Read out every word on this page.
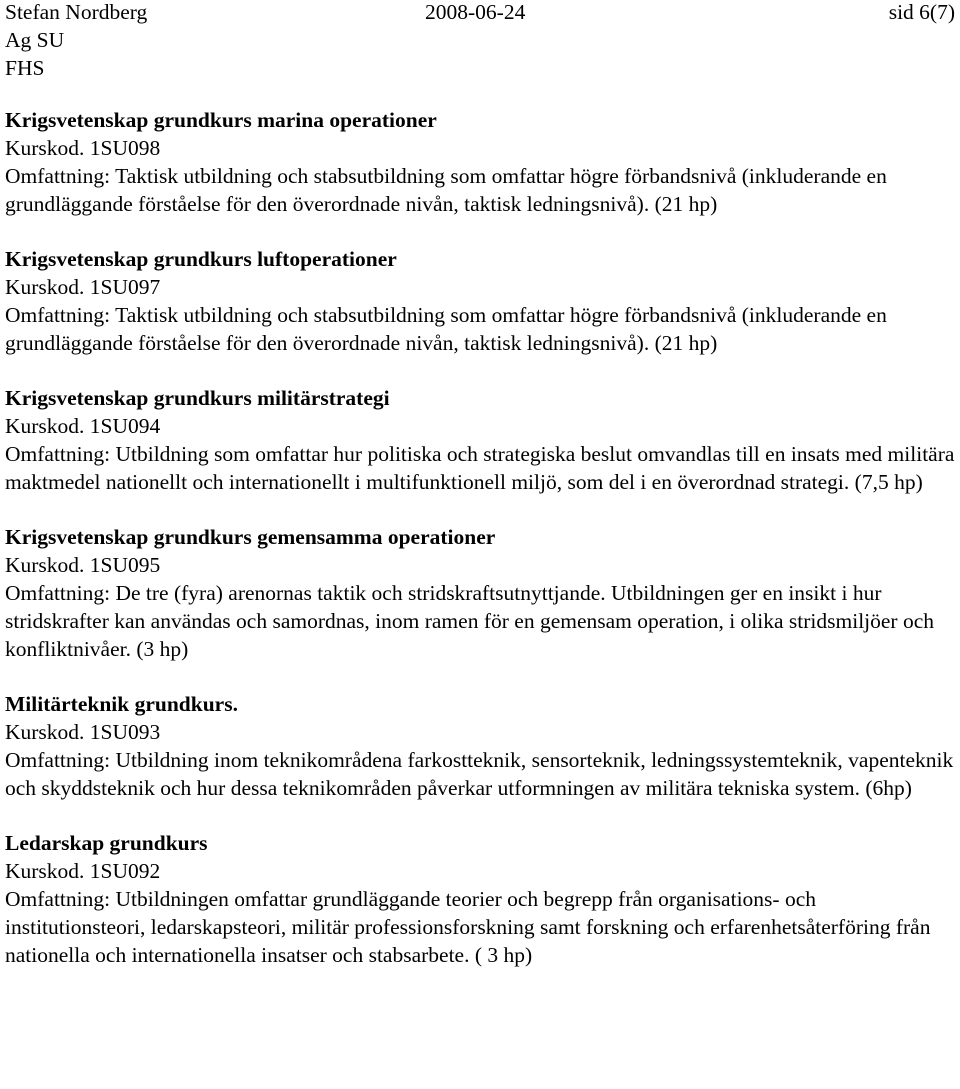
Stefan Nordberg	2008-06-24	sid 6(7)
Ag SU
FHS
Krigsvetenskap grundkurs marina operationer
Kurskod. 1SU098
Omfattning: Taktisk utbildning och stabsutbildning som omfattar högre förbandsnivå (inkluderande en grundläggande förståelse för den överordnade nivån, taktisk ledningsnivå). (21 hp)
Krigsvetenskap grundkurs luftoperationer
Kurskod. 1SU097
Omfattning: Taktisk utbildning och stabsutbildning som omfattar högre förbandsnivå (inkluderande en grundläggande förståelse för den överordnade nivån, taktisk ledningsnivå). (21 hp)
Krigsvetenskap grundkurs militärstrategi
Kurskod. 1SU094
Omfattning: Utbildning som omfattar hur politiska och strategiska beslut omvandlas till en insats med militära maktmedel nationellt och internationellt i multifunktionell miljö, som del i en överordnad strategi. (7,5 hp)
Krigsvetenskap grundkurs gemensamma operationer
Kurskod. 1SU095
Omfattning: De tre (fyra) arenornas taktik och stridskraftsutnyttjande. Utbildningen ger en insikt i hur stridskrafter kan användas och samordnas, inom ramen för en gemensam operation, i olika stridsmiljöer och konfliktnivåer. (3 hp)
Militärteknik grundkurs.
Kurskod. 1SU093
Omfattning: Utbildning inom teknikområdena farkostteknik, sensorteknik, ledningssystemteknik, vapenteknik och skyddsteknik och hur dessa teknikområden påverkar utformningen av militära tekniska system. (6hp)
Ledarskap grundkurs
Kurskod. 1SU092
Omfattning: Utbildningen omfattar grundläggande teorier och begrepp från organisations- och institutionsteori, ledarskapsteori, militär professionsforskning samt forskning och erfarenhetsåterföring från nationella och internationella insatser och stabsarbete. ( 3 hp)
